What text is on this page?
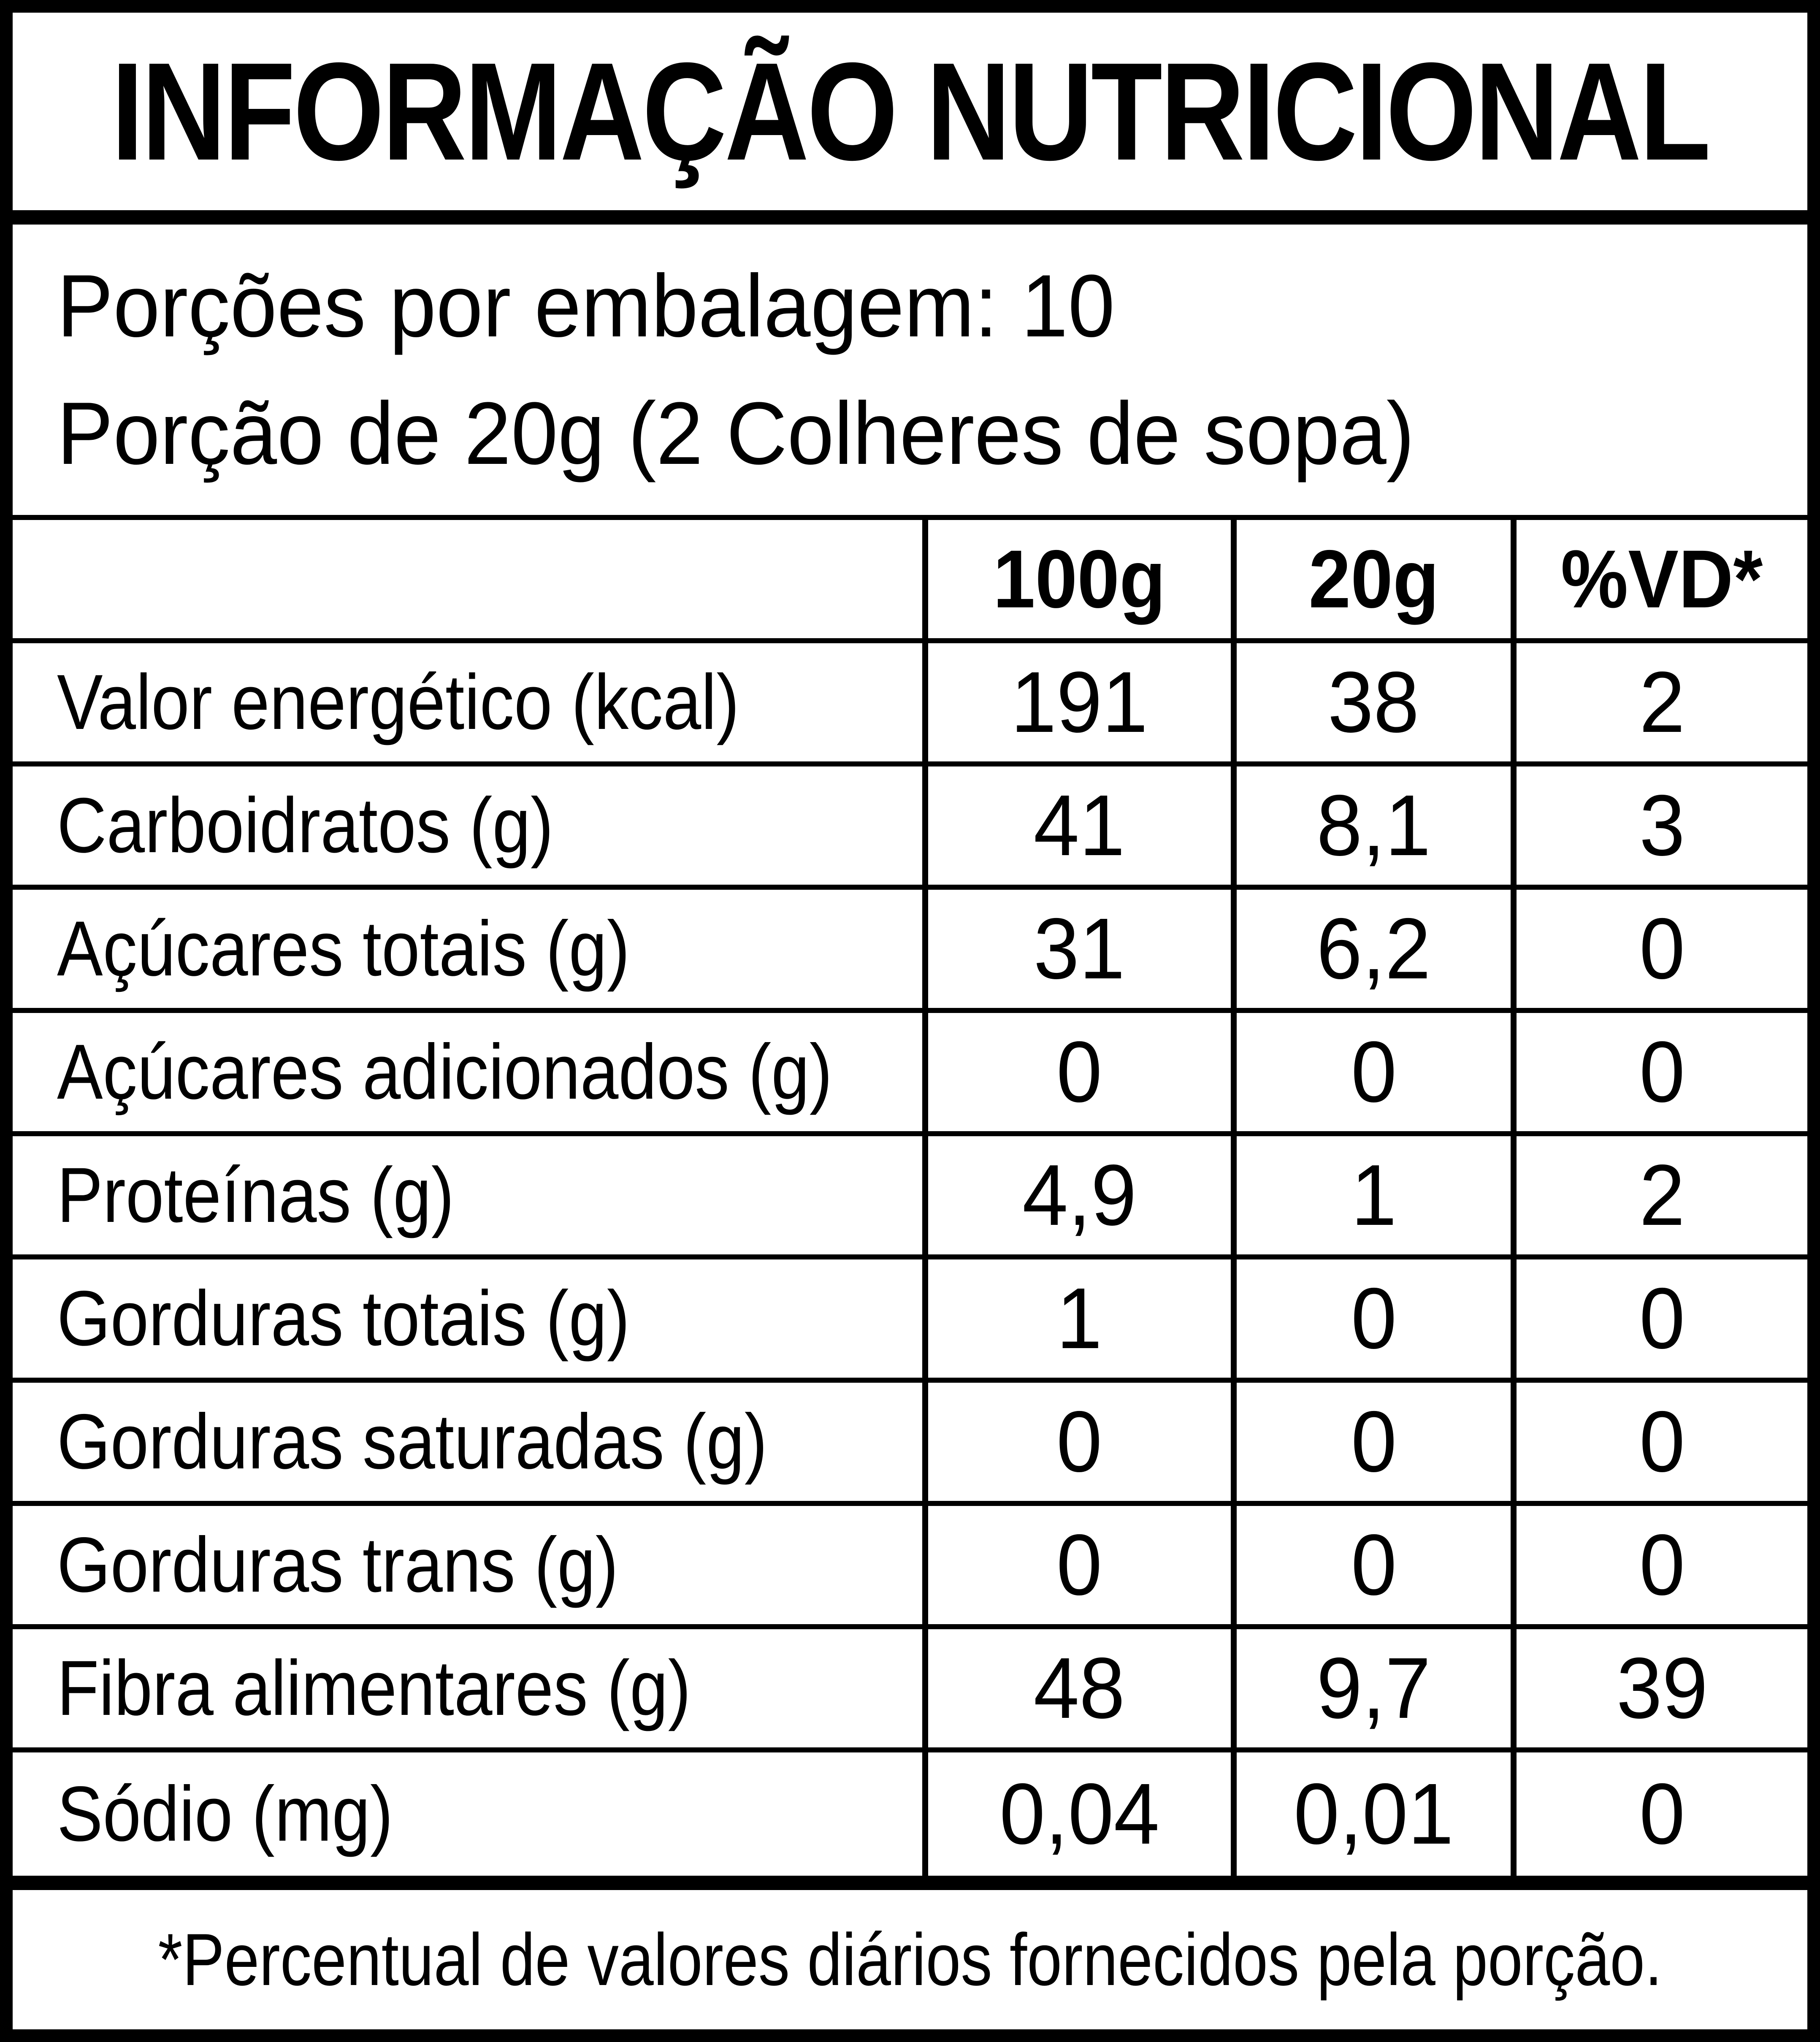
INFORMAÇÃO NUTRICIONAL
Porções por embalagem: 10
Porção de 20g (2 Colheres de sopa)
100g 20g %VD*
Valor energético (kcal)	191 38	2
Carboidratos (g)	41 8,1 3
Açúcares totais (g)	31 6,2 0
Açúcares adicionados (g)	0	0	0
Proteínas (g)	4,9 1	2
Gorduras totais (g)	1	0	0
Gorduras saturadas (g)	0	0	0
Gorduras trans (g)	0	0	0
Fibra alimentares (g)	48 9,7 39
Sódio (mg)	0,04 0,01 0
*Percentual de valores diários fornecidos pela porção.
